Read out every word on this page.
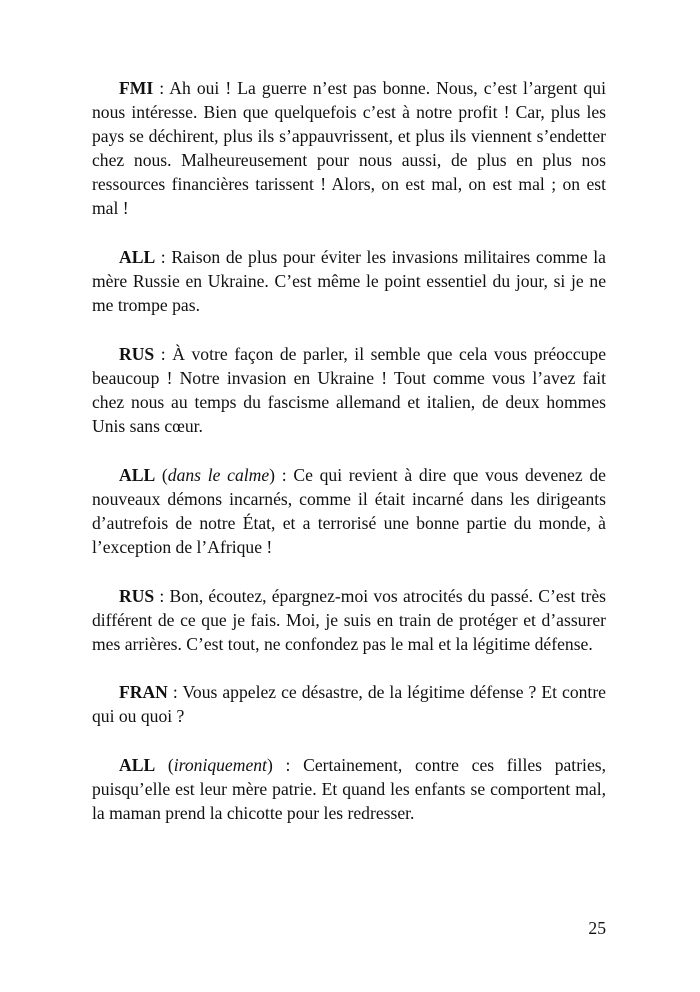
FMI : Ah oui ! La guerre n’est pas bonne. Nous, c’est l’argent qui nous intéresse. Bien que quelquefois c’est à notre profit ! Car, plus les pays se déchirent, plus ils s’appauvrissent, et plus ils viennent s’endetter chez nous. Malheureusement pour nous aussi, de plus en plus nos ressources financières tarissent ! Alors, on est mal, on est mal ; on est mal !

ALL : Raison de plus pour éviter les invasions militaires comme la mère Russie en Ukraine. C’est même le point essentiel du jour, si je ne me trompe pas.

RUS : À votre façon de parler, il semble que cela vous préoccupe beaucoup ! Notre invasion en Ukraine ! Tout comme vous l’avez fait chez nous au temps du fascisme allemand et italien, de deux hommes Unis sans cœur.

ALL (dans le calme) : Ce qui revient à dire que vous devenez de nouveaux démons incarnés, comme il était incarné dans les dirigeants d’autrefois de notre État, et a terrorisé une bonne partie du monde, à l’exception de l’Afrique !

RUS : Bon, écoutez, épargnez-moi vos atrocités du passé. C’est très différent de ce que je fais. Moi, je suis en train de protéger et d’assurer mes arrières. C’est tout, ne confondez pas le mal et la légitime défense.

FRAN : Vous appelez ce désastre, de la légitime défense ? Et contre qui ou quoi ?

ALL (ironiquement) : Certainement, contre ces filles patries, puisqu’elle est leur mère patrie. Et quand les enfants se comportent mal, la maman prend la chicotte pour les redresser.

25
